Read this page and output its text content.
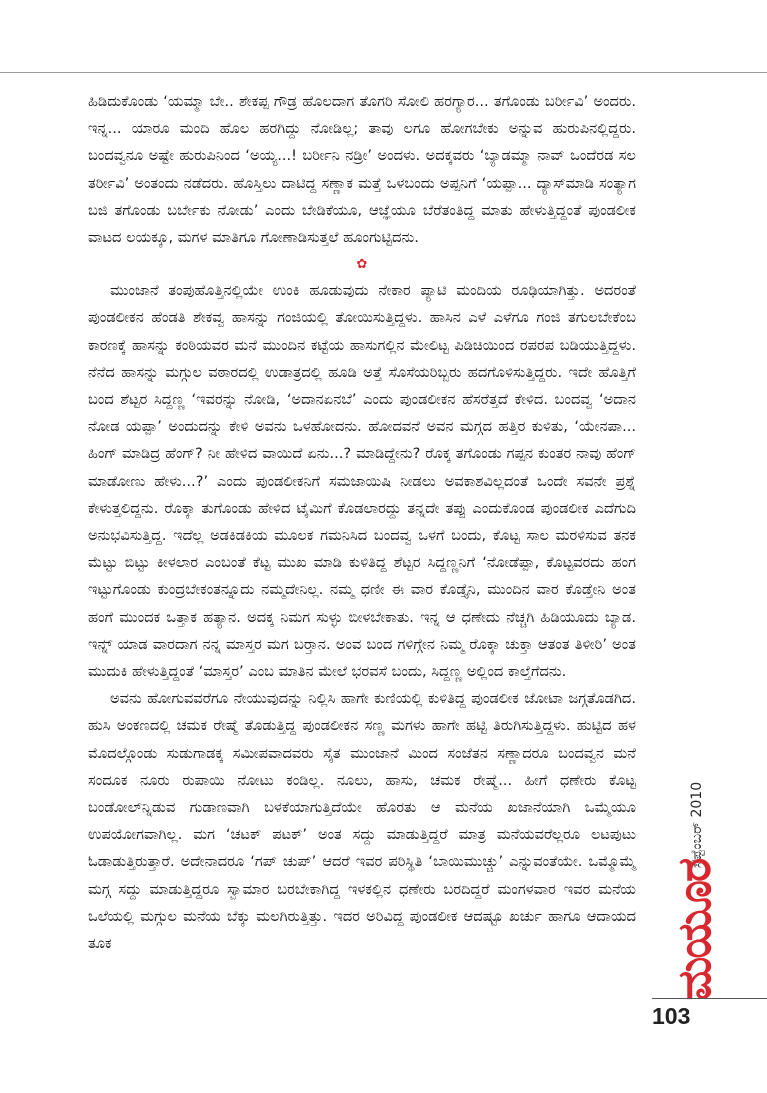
ಹಿಡಿದುಕೊಂಡು ‘ಯಮ್ಮಾ ಬೇ.. ಶೇಕಪ್ಪ ಗೌಡ್ರ ಹೊಲದಾಗ ತೊಗರಿ ಸೋಲಿ ಹರಗ್ಯಾರ... ತಗೊಂಡು ಬರ್ರೀವಿ’ ಅಂದರು. ಇನ್ನ... ಯಾರೂ ಮಂದಿ ಹೊಲ ಹರಗಿದ್ದು ನೋಡಿಲ್ಲ; ತಾವು ಲಗೂ ಹೋಗಬೇಕು ಅನ್ನುವ ಹುರುಪಿನಲ್ಲಿದ್ದರು. ಬಂದವ್ವನೂ ಅಷ್ಟೇ ಹುರುಪಿನಿಂದ ‘ಅಯ್ಯ...! ಬರ್ರೀನಿ ನಡ್ರೀ’ ಅಂದಳು. ಅದಕ್ಕವರು ‘ಬ್ಯಾಡಮ್ಮಾ ನಾವ್ ಒಂದೆರಡ ಸಲ ತರ್ರೀವಿ’ ಅಂತಂದು ನಡೆದರು. ಹೊಸ್ತಿಲು ದಾಟಿದ್ದ ಸಣ್ಣಾಕ ಮತ್ತೆ ಒಳಬಂದು ಅಪ್ಪನಿಗೆ ‘ಯಪ್ಪಾ... ದ್ಯಾಸ್‌ಮಾಡಿ ಸಂತ್ಯಾಗ ಬಜಿ ತಗೊಂಡು ಬರ್ಬೇಕು ನೋಡು’ ಎಂದು ಬೇಡಿಕೆಯೂ, ಆಜ್ಞೆಯೂ ಬೆರೆತಂತಿದ್ದ ಮಾತು ಹೇಳುತ್ತಿದ್ದಂತೆ ಪುಂಡಲೀಕ ವಾಟದ ಲಯಕ್ಕೂ, ಮಗಳ ಮಾತಿಗೂ ಗೋಣಾಡಿಸುತ್ತಲೆ ಹೂಂಗುಟ್ಟಿದನು.

✿

ಮುಂಜಾನೆ ತಂಪುಹೊತ್ತಿನಲ್ಲಿಯೇ ಉಂಕಿ ಹೂಡುವುದು ನೇಕಾರ ಪ್ಯಾಟಿ ಮಂದಿಯ ರೂಢಿಯಾಗಿತ್ತು. ಅದರಂತೆ ಪುಂಡಲೀಕನ ಹೆಂಡತಿ ಶೇಕವ್ವ ಹಾಸನ್ನು ಗಂಜಿಯಲ್ಲಿ ತೋಯಿಸುತ್ತಿದ್ದಳು. ಹಾಸಿನ ಎಳೆ ಎಳೆಗೂ ಗಂಜಿ ತಗುಲಬೇಕೆಂಬ ಕಾರಣಕ್ಕೆ ಹಾಸನ್ನು ಕಂಠಿಯವರ ಮನೆ ಮುಂದಿನ ಕಟ್ಟೆಯ ಹಾಸುಗಲ್ಲಿನ ಮೇಲಿಟ್ಟ ಪಿಡಿಚಿಯಿಂದ ರಪರಪ ಬಡಿಯುತ್ತಿದ್ದಳು. ನೆನೆದ ಹಾಸನ್ನು ಮಗ್ಗುಲ ವಠಾರದಲ್ಲಿ ಉಡಾತ್ರದಲ್ಲಿ ಹೂಡಿ ಅತ್ತೆ ಸೊಸೆಯರಿಬ್ಬರು ಹದಗೊಳಿಸುತ್ತಿದ್ದರು. ಇದೇ ಹೊತ್ತಿಗೆ ಬಂದ ಶೆಟ್ಟರ ಸಿದ್ದಣ್ಣ ‘ಇವರನ್ನು ನೋಡಿ, ‘ಅದಾನಏನಬೆ’ ಎಂದು ಪುಂಡಲೀಕನ ಹೆಸರೆತ್ತದೆ ಕೇಳಿದ. ಬಂದವ್ವ ‘ಅದಾನ ನೋಡ ಯಪ್ಪಾ’ ಅಂದುದನ್ನು ಕೇಳಿ ಅವನು ಒಳಹೋದನು. ಹೋದವನೆ ಅವನ ಮಗ್ಗದ ಹತ್ತಿರ ಕುಳಿತು, ‘ಯೇನಪಾ... ಹಿಂಗ್ ಮಾಡಿದ್ರ ಹೆಂಗ್? ನೀ ಹೇಳಿದ ವಾಯಿದೆ ಏನು...? ಮಾಡಿದ್ದೇನು? ರೊಕ್ಕ ತಗೊಂಡು ಗಪ್ಪನ ಕುಂತರ ನಾವು ಹೆಂಗ್ ಮಾಡೋಣು ಹೇಳು...?’ ಎಂದು ಪುಂಡಲೀಕನಿಗೆ ಸಮಜಾಯಿಷಿ ನೀಡಲು ಅವಕಾಶವಿಲ್ಲದಂತೆ ಒಂದೇ ಸವನೇ ಪ್ರಶ್ನೆ ಕೇಳುತ್ತಲಿದ್ದನು. ರೊಕ್ಕಾ ತುಗೊಂಡು ಹೇಳಿದ ಟೈಮಿಗೆ ಕೊಡಲಾರದ್ದು ತನ್ನದೇ ತಪ್ಪು ಎಂದುಕೊಂಡ ಪುಂಡಲೀಕ ಎದೆಗುದಿ ಅನುಭವಿಸುತ್ತಿದ್ದ. ಇದೆಲ್ಲ ಅಡಕಿಡಕಿಯ ಮೂಲಕ ಗಮನಿಸಿದ ಬಂದವ್ವ ಒಳಗೆ ಬಂದು, ಕೊಟ್ಟ ಸಾಲ ಮರಳಿಸುವ ತನಕ ಮೆಟ್ಟು ಬಿಟ್ಟು ಕೀಳಲಾರ ಎಂಬಂತೆ ಕೆಟ್ಟ ಮುಖ ಮಾಡಿ ಕುಳಿತಿದ್ದ ಶೆಟ್ಟರ ಸಿದ್ದಣ್ಣನಿಗೆ ‘ನೋಡೆಪ್ಪಾ, ಕೊಟ್ಟವರದು ಹಂಗ ಇಟ್ಟುಗೊಂಡು ಕುಂದ್ರಬೇಕಂತನ್ನೂದು ನಮ್ಮದೇನಿಲ್ಲ. ನಮ್ಮ ಧಣೀ ಈ ವಾರ ಕೊಡ್ತೈನಿ, ಮುಂದಿನ ವಾರ ಕೊಡ್ತೇನಿ ಅಂತ ಹಂಗೆ ಮುಂದಕ ಒತ್ತಾಕ ಹತ್ಯಾನ. ಅದಕ್ಕ ನಿಮಗ ಸುಳ್ಳು ಬೀಳಬೇಕಾತು. ಇನ್ನ ಆ ಧಣೇದು ನೆಚ್ಚಗಿ ಹಿಡಿಯೂದು ಬ್ಯಾಡ. ಇನ್ನ್ ಯಾಡ ವಾರದಾಗ ನನ್ನ ಮಾಸ್ತರ ಮಗ ಬರ್‍ತಾನ. ಅಂವ ಬಂದ ಗಳಿಗ್ಗೇನ ನಿಮ್ಮ ರೊಕ್ಕಾ ಚುಕ್ತಾ ಆತಂತ ತಿಳೀರಿ’ ಅಂತ ಮುದುಕಿ ಹೇಳುತ್ತಿದ್ದಂತೆ ‘ಮಾಸ್ತರ’ ಎಂಬ ಮಾತಿನ ಮೇಲೆ ಭರವಸೆ ಬಂದು, ಸಿದ್ದಣ್ಣ ಅಲ್ಲಿಂದ ಕಾಲ್ತೆಗೆದನು.

ಅವನು ಹೋಗುವವರೆಗೂ ನೇಯುವುದನ್ನು ನಿಲ್ಲಿಸಿ ಹಾಗೇ ಕುಣಿಯಲ್ಲಿ ಕುಳಿತಿದ್ದ ಪುಂಡಲೀಕ ಜೋಟಾ ಜಗ್ಗತೊಡಗಿದ. ಹುಸಿ ಅಂಕಣದಲ್ಲಿ ಚಮಕ ರೇಷ್ಮೆ ತೊಡುತ್ತಿದ್ದ ಪುಂಡಲೀಕನ ಸಣ್ಣ ಮಗಳು ಹಾಗೇ ಹಟ್ಟಿ ತಿರುಗಿಸುತ್ತಿದ್ದಳು. ಹುಟ್ಟಿದ ಹಳ ಮೊದಲ್ಗೊಂಡು ಸುಡುಗಾಡಕ್ಕ ಸಮೀಪವಾದವರು ಸೈತ ಮುಂಜಾನೆ ಮಿಂದ ಸಂಜೆತನ ಸಣ್ಣಾದರೂ ಬಂದವ್ವನ ಮನೆ ಸಂದೂಕ ನೂರು ರುಪಾಯಿ ನೋಟು ಕಂಡಿಲ್ಲ. ನೂಲು, ಹಾಸು, ಚಮಕ ರೇಷ್ಮೆ... ಹೀಗೆ ಧಣೇರು ಕೊಟ್ಟ ಬಂಡೋಲ್‌ನ್ನಿಡುವ ಗುಡಾಣವಾಗಿ ಬಳಕೆಯಾಗುತ್ತಿದೆಯೇ ಹೊರತು ಆ ಮನೆಯ ಖಜಾನೆಯಾಗಿ ಒಮ್ಮೆಯೂ ಉಪಯೋಗವಾಗಿಲ್ಲ. ಮಗ ‘ಚಟಕ್ ಪಟಕ್’ ಅಂತ ಸದ್ದು ಮಾಡುತ್ತಿದ್ದರೆ ಮಾತ್ರ ಮನೆಯವರೆಲ್ಲರೂ ಲಟಪುಟು ಓಡಾಡುತ್ತಿರುತ್ತಾರೆ. ಅದೇನಾದರೂ ‘ಗಪ್ ಚುಪ್’ ಆದರೆ ಇವರ ಪರಿಸ್ಥಿತಿ ‘ಬಾಯಿಮುಚ್ಚು’ ಎನ್ನುವಂತೆಯೇ. ಒಮ್ಮೊಮ್ಮೆ ಮಗ್ಗ ಸದ್ದು ಮಾಡುತ್ತಿದ್ದರೂ ಸ್ವಾಮಾರ ಬರಬೇಕಾಗಿದ್ದ ಇಳಕಲ್ಲಿನ ಧಣೇರು ಬರದಿದ್ದರೆ ಮಂಗಳವಾರ ಇವರ ಮನೆಯ ಒಲೆಯಲ್ಲಿ ಮಗ್ಗುಲ ಮನೆಯ ಬೆಕ್ಕು ಮಲಗಿರುತ್ತಿತ್ತು. ಇದರ ಅರಿವಿದ್ದ ಪುಂಡಲೀಕ ಆದಷ್ಟೂ ಖರ್ಚು ಹಾಗೂ ಆದಾಯದ ತೂಕ

ಸೆಪ್ಟೆಂಬರ್ 2010
ಮಯೂರ
103
